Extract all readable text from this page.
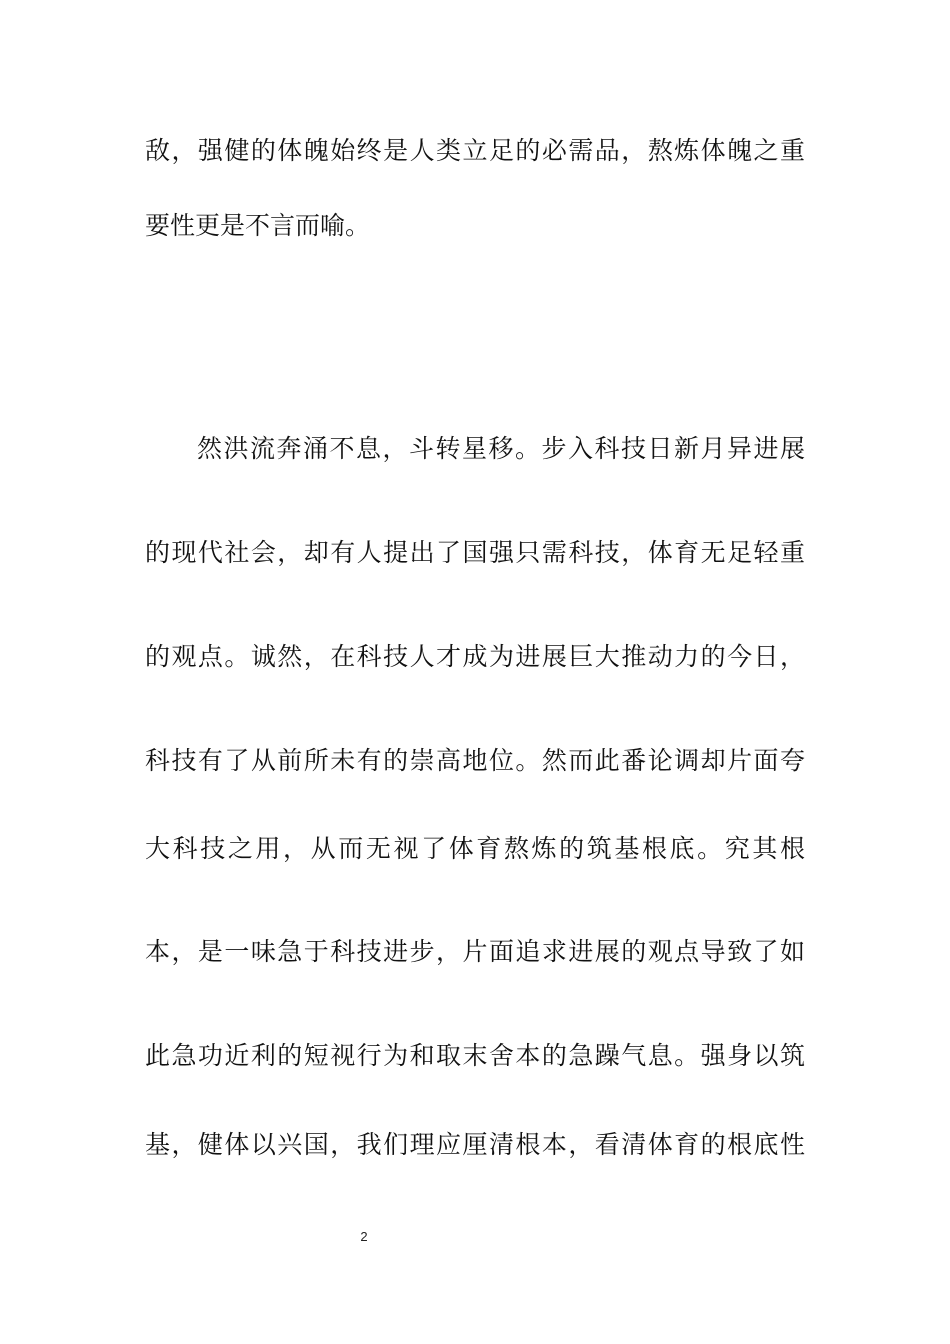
敌，强健的体魄始终是人类立足的必需品，熬炼体魄之重
要性更是不言而喻。
然洪流奔涌不息，斗转星移。步入科技日新月异进展
的现代社会，却有人提出了国强只需科技，体育无足轻重
的观点。诚然，在科技人才成为进展巨大推动力的今日，
科技有了从前所未有的崇高地位。然而此番论调却片面夸
大科技之用，从而无视了体育熬炼的筑基根底。究其根
本，是一味急于科技进步，片面追求进展的观点导致了如
此急功近利的短视行为和取末舍本的急躁气息。强身以筑
基，健体以兴国，我们理应厘清根本，看清体育的根底性
2
